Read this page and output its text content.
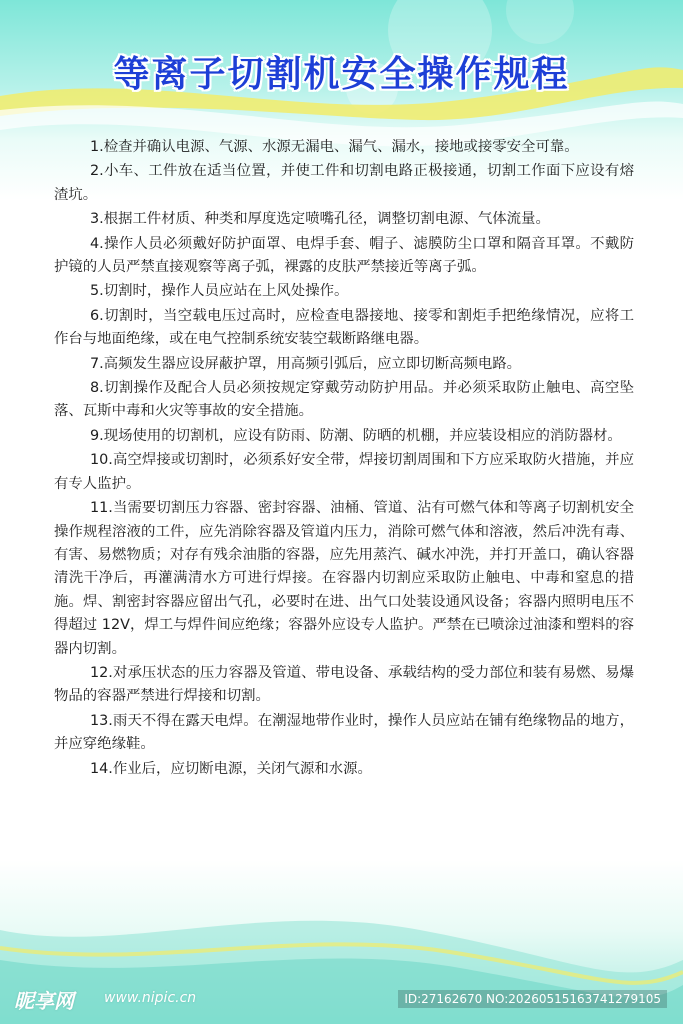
等离子切割机安全操作规程

1.检查并确认电源、气源、水源无漏电、漏气、漏水，接地或接零安全可靠。

2.小车、工件放在适当位置，并使工件和切割电路正极接通，切割工作面下应设有熔渣坑。

3.根据工件材质、种类和厚度选定喷嘴孔径，调整切割电源、气体流量。

4.操作人员必须戴好防护面罩、电焊手套、帽子、滤膜防尘口罩和隔音耳罩。不戴防护镜的人员严禁直接观察等离子弧，裸露的皮肤严禁接近等离子弧。

5.切割时，操作人员应站在上风处操作。

6.切割时，当空载电压过高时，应检查电器接地、接零和割炬手把绝缘情况，应将工作台与地面绝缘，或在电气控制系统安装空载断路继电器。

7.高频发生器应设屏蔽护罩，用高频引弧后，应立即切断高频电路。

8.切割操作及配合人员必须按规定穿戴劳动防护用品。并必须采取防止触电、高空坠落、瓦斯中毒和火灾等事故的安全措施。

9.现场使用的切割机，应设有防雨、防潮、防晒的机棚，并应装设相应的消防器材。

10.高空焊接或切割时，必须系好安全带，焊接切割周围和下方应采取防火措施，并应有专人监护。

11.当需要切割压力容器、密封容器、油桶、管道、沾有可燃气体和等离子切割机安全操作规程溶液的工件，应先消除容器及管道内压力，消除可燃气体和溶液，然后冲洗有毒、有害、易燃物质；对存有残余油脂的容器，应先用蒸汽、碱水冲洗，并打开盖口，确认容器清洗干净后，再灌满清水方可进行焊接。在容器内切割应采取防止触电、中毒和窒息的措施。焊、割密封容器应留出气孔，必要时在进、出气口处装设通风设备；容器内照明电压不得超过 12V，焊工与焊件间应绝缘；容器外应设专人监护。严禁在已喷涂过油漆和塑料的容器内切割。

12.对承压状态的压力容器及管道、带电设备、承载结构的受力部位和装有易燃、易爆物品的容器严禁进行焊接和切割。

13.雨天不得在露天电焊。在潮湿地带作业时，操作人员应站在铺有绝缘物品的地方，并应穿绝缘鞋。

14.作业后，应切断电源，关闭气源和水源。

昵享网 www.nipic.cn	ID:27162670 NO:20260515163741279105
